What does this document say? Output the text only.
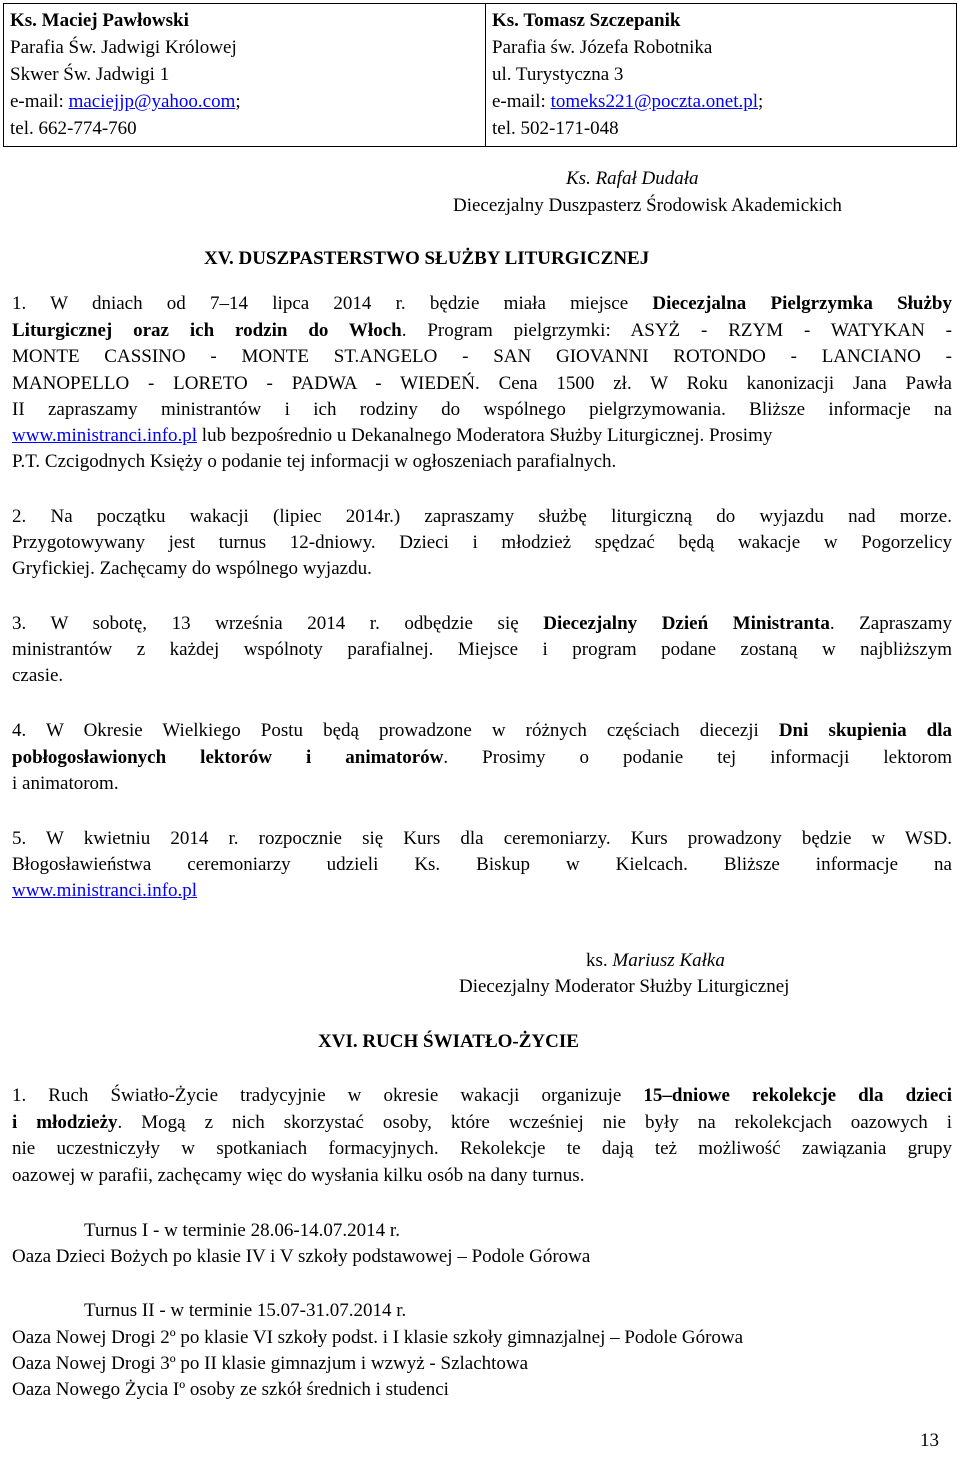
Ks. Maciej Pawłowski
Parafia Św. Jadwigi Królowej
Skwer Św. Jadwigi 1
e-mail: maciejjp@yahoo.com;
tel. 662-774-760

Ks. Tomasz Szczepanik
Parafia św. Józefa Robotnika
ul. Turystyczna 3
e-mail: tomeks221@poczta.onet.pl;
tel. 502-171-048
Ks. Rafał Dudała
Diecezjalny Duszpasterz Środowisk Akademickich
XV. DUSZPASTERSTWO SŁUŻBY LITURGICZNEJ
1. W dniach od 7–14 lipca 2014 r. będzie miała miejsce Diecezjalna Pielgrzymka Służby
Liturgicznej oraz ich rodzin do Włoch. Program pielgrzymki: ASYŻ - RZYM - WATYKAN -
MONTE CASSINO - MONTE ST.ANGELO - SAN GIOVANNI ROTONDO - LANCIANO -
MANOPELLO - LORETO - PADWA - WIEDEŃ. Cena 1500 zł. W Roku kanonizacji Jana Pawła
II zapraszamy ministrantów i ich rodziny do wspólnego pielgrzymowania. Bliższe informacje na
www.ministranci.info.pl lub bezpośrednio u Dekanalnego Moderatora Służby Liturgicznej. Prosimy
P.T. Czcigodnych Księży o podanie tej informacji w ogłoszeniach parafialnych.
2. Na początku wakacji (lipiec 2014r.) zapraszamy służbę liturgiczną do wyjazdu nad morze.
Przygotowywany jest turnus 12-dniowy. Dzieci i młodzież spędzać będą wakacje w Pogorzelicy
Gryfickiej. Zachęcamy do wspólnego wyjazdu.
3. W sobotę, 13 września 2014 r. odbędzie się Diecezjalny Dzień Ministranta. Zapraszamy
ministrantów z każdej wspólnoty parafialnej. Miejsce i program podane zostaną w najbliższym
czasie.
4. W Okresie Wielkiego Postu będą prowadzone w różnych częściach diecezji Dni skupienia dla
pobłogosławionych lektorów i animatorów. Prosimy o podanie tej informacji lektorom
i animatorom.
5. W kwietniu 2014 r. rozpocznie się Kurs dla ceremoniarzy. Kurs prowadzony będzie w WSD.
Błogosławieństwa ceremoniarzy udzieli Ks. Biskup w Kielcach. Bliższe informacje na
www.ministranci.info.pl
ks. Mariusz Kałka
Diecezjalny Moderator Służby Liturgicznej
XVI. RUCH ŚWIATŁO-ŻYCIE
1. Ruch Światło-Życie tradycyjnie w okresie wakacji organizuje 15–dniowe rekolekcje dla dzieci
i młodzieży. Mogą z nich skorzystać osoby, które wcześniej nie były na rekolekcjach oazowych i
nie uczestniczyły w spotkaniach formacyjnych. Rekolekcje te dają też możliwość zawiązania grupy
oazowej w parafii, zachęcamy więc do wysłania kilku osób na dany turnus.
Turnus I - w terminie 28.06-14.07.2014 r.
Oaza Dzieci Bożych po klasie IV i V szkoły podstawowej – Podole Górowa
Turnus II - w terminie 15.07-31.07.2014 r.
Oaza Nowej Drogi 2º po klasie VI szkoły podst. i I klasie szkoły gimnazjalnej – Podole Górowa
Oaza Nowej Drogi 3º po II klasie gimnazjum i wzwyż - Szlachtowa
Oaza Nowego Życia Iº osoby ze szkół średnich i studenci
13
